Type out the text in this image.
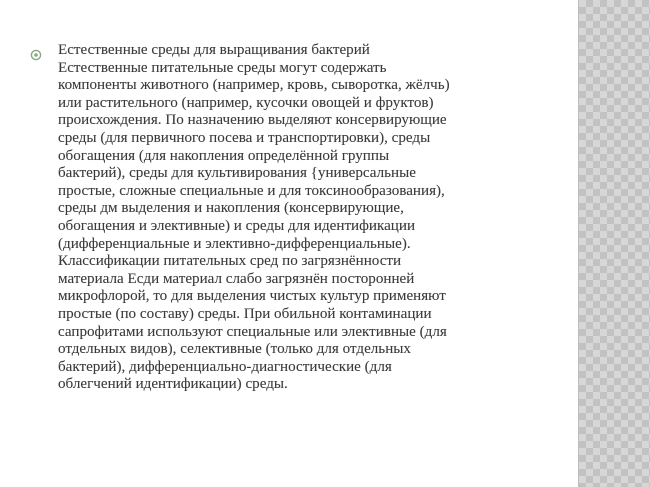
Естественные среды для выращивания бактерий
Естественные питательные среды могут содержать
компоненты животного (например, кровь, сыворотка, жёлчь)
или растительного (например, кусочки овощей и фруктов)
происхождения. По назначению выделяют консервирующие
среды (для первичного посева и транспортировки), среды
обогащения (для накопления определённой группы
бактерий), среды для культивирования {универсальные
простые, сложные специальные и для токсинообразования),
среды дм выделения и накопления (консервирующие,
обогащения и элективные) и среды для идентификации
(дифференциальные и элективно-дифференциальные).
Классификации питательных сред по загрязнённости
материала Есди материал слабо загрязнён посторонней
микрофлорой, то для выделения чистых культур применяют
простые (по составу) среды. При обильной контаминации
сапрофитами используют специальные или элективные (для
отдельных видов), селективные (только для отдельных
бактерий), дифференциально-диагностические (для
облегчений идентификации) среды.
